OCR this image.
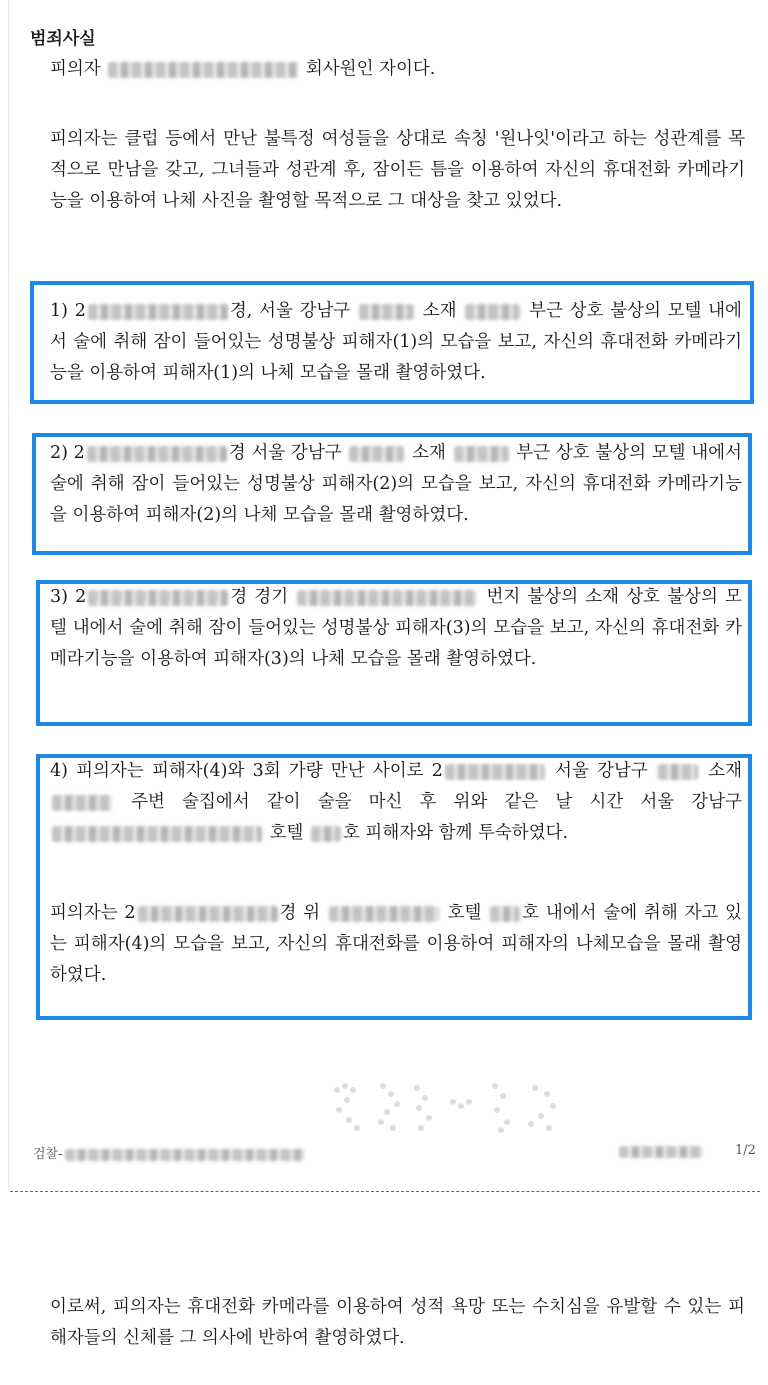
범죄사실
피의자	회사원인 자이다.
피의자는 클럽 등에서 만난 불특정 여성들을 상대로 속칭 '원나잇'이라고 하는 성관계를 목적으로 만남을 갖고, 그녀들과 성관계 후, 잠이든 틈을 이용하여 자신의 휴대전화 카메라기능을 이용하여 나체 사진을 촬영할 목적으로 그 대상을 찾고 있었다.
1) 2	경, 서울 강남구	소재	부근 상호 불상의 모텔 내에서 술에 취해 잠이 들어있는 성명불상 피해자(1)의 모습을 보고, 자신의 휴대전화 카메라기능을 이용하여 피해자(1)의 나체 모습을 몰래 촬영하였다.
2) 2	경 서울 강남구	소재	부근 상호 불상의 모텔 내에서 술에 취해 잠이 들어있는 성명불상 피해자(2)의 모습을 보고, 자신의 휴대전화 카메라기능을 이용하여 피해자(2)의 나체 모습을 몰래 촬영하였다.
3) 2	경 경기	번지 불상의 소재 상호 불상의 모텔 내에서 술에 취해 잠이 들어있는 성명불상 피해자(3)의 모습을 보고, 자신의 휴대전화 카메라기능을 이용하여 피해자(3)의 나체 모습을 몰래 촬영하였다.
4) 피의자는 피해자(4)와 3회 가량 만난 사이로 2	서울 강남구	소재  주변 술집에서 같이 술을 마신 후 위와 같은 날 시간 서울 강남구  호텔 호 피해자와 함께 투숙하였다.
피의자는 2	경 위	호텔 호 내에서 술에 취해 자고 있는 피해자(4)의 모습을 보고, 자신의 휴대전화를 이용하여 피해자의 나체모습을 몰래 촬영하였다.
검찰-	1/2
이로써, 피의자는 휴대전화 카메라를 이용하여 성적 욕망 또는 수치심을 유발할 수 있는 피해자들의 신체를 그 의사에 반하여 촬영하였다.
